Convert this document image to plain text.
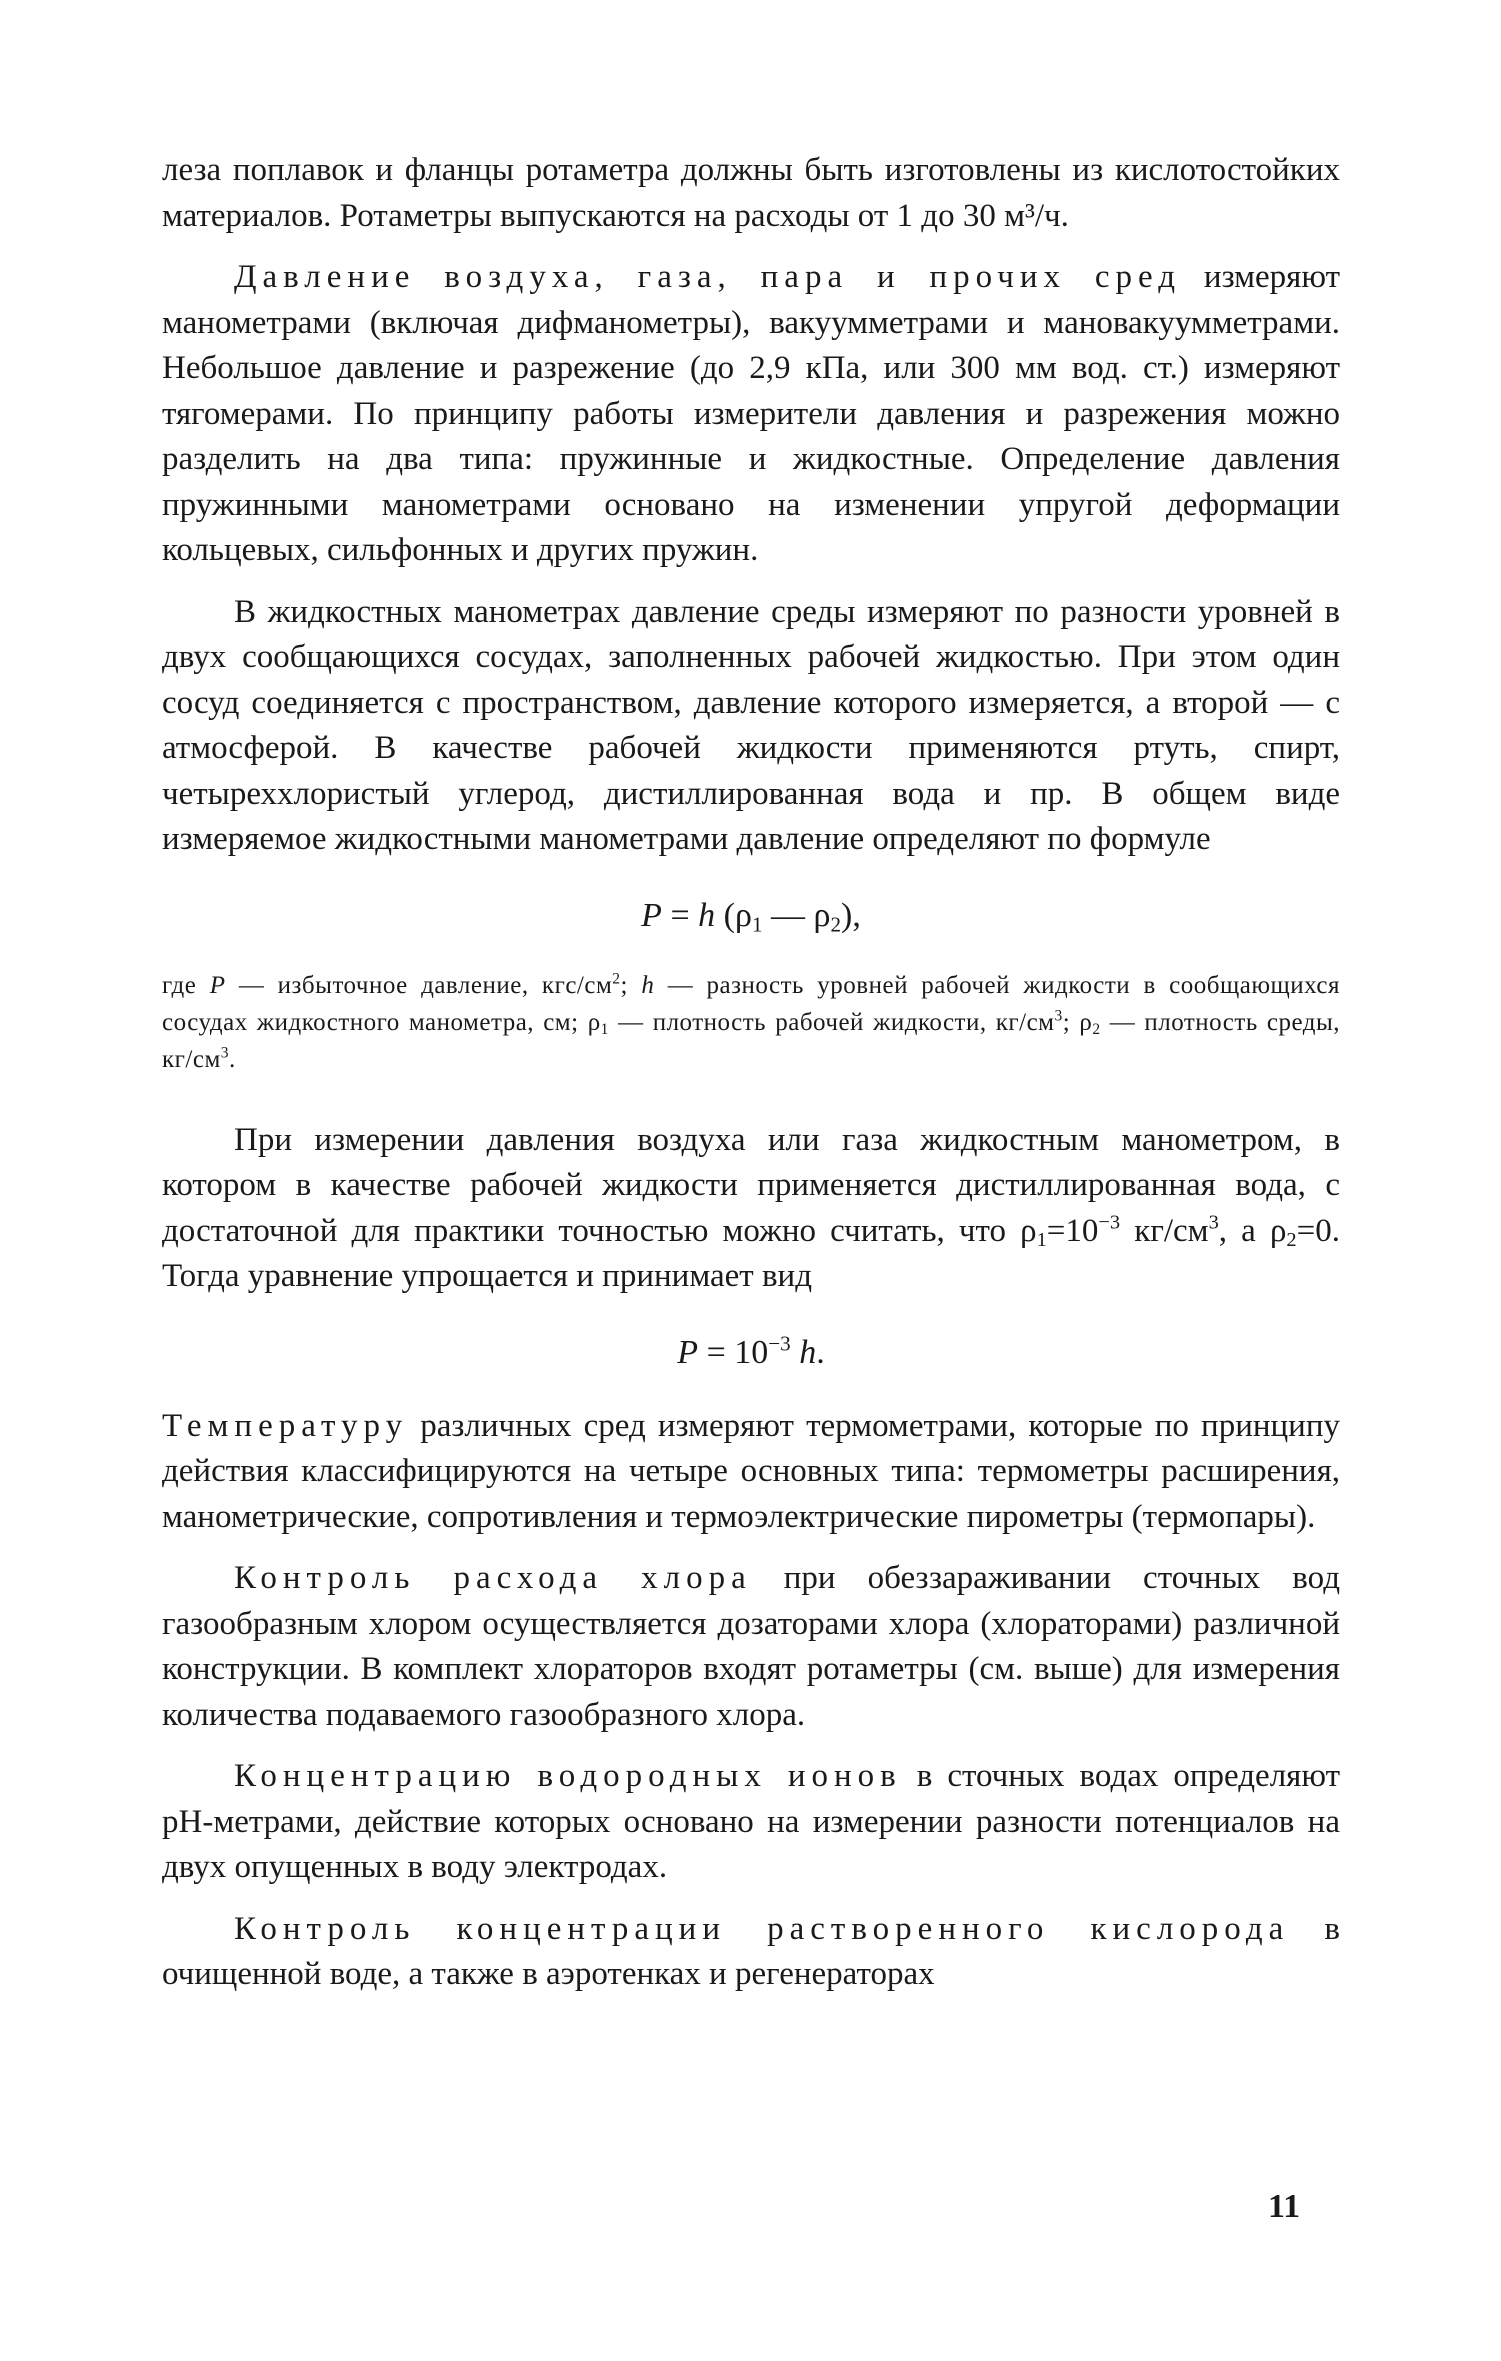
леза поплавок и фланцы ротаметра должны быть изготовлены из кислотостойких материалов. Ротаметры выпускаются на расходы от 1 до 30 м³/ч.

Давление воздуха, газа, пара и прочих сред измеряют манометрами (включая дифманометры), вакуумметрами и мановакуумметрами. Небольшое давление и разрежение (до 2,9 кПа, или 300 мм вод. ст.) измеряют тягомерами. По принципу работы измерители давления и разрежения можно разделить на два типа: пружинные и жидкостные. Определение давления пружинными манометрами основано на изменении упругой деформации кольцевых, сильфонных и других пружин.

В жидкостных манометрах давление среды измеряют по разности уровней в двух сообщающихся сосудах, заполненных рабочей жидкостью. При этом один сосуд соединяется с пространством, давление которого измеряется, а второй — с атмосферой. В качестве рабочей жидкости применяются ртуть, спирт, четыреххлористый углерод, дистиллированная вода и пр. В общем виде измеряемое жидкостными манометрами давление определяют по формуле

P = h ($\rho_1$ — $\rho_2$),
где P — избыточное давление, кгс/$см^2$; h — разность уровней рабочей жидкости в сообщающихся сосудах жидкостного манометра, см; $\rho_1$ — плотность рабочей жидкости, $кг/см^3$; $\rho_2$ — плотность среды, $кг/см^3$.

При измерении давления воздуха или газа жидкостным манометром, в котором в качестве рабочей жидкости применяется дистиллированная вода, с достаточной для практики точностью можно считать, что $\rho_1=10^{-3}$ $кг/см^3$, а $\rho_2=0$. Тогда уравнение упрощается и принимает вид

$P = 10^{-3}$ h.

Температуру различных сред измеряют термометрами, которые по принципу действия классифицируются на четыре основных типа: термометры расширения, манометрические, сопротивления и термоэлектрические пирометры (термопары).

Контроль расхода хлора при обеззараживании сточных вод газообразным хлором осуществляется дозаторами хлора (хлораторами) различной конструкции. В комплект хлораторов входят ротаметры (см. выше) для измерения количества подаваемого газообразного хлора.

Концентрацию водородных ионов в сточных водах определяют рН-метрами, действие которых основано на измерении разности потенциалов на двух опущенных в воду электродах.

Контроль концентрации растворенного кислорода в очищенной воде, а также в аэротенках и регенераторах

11
